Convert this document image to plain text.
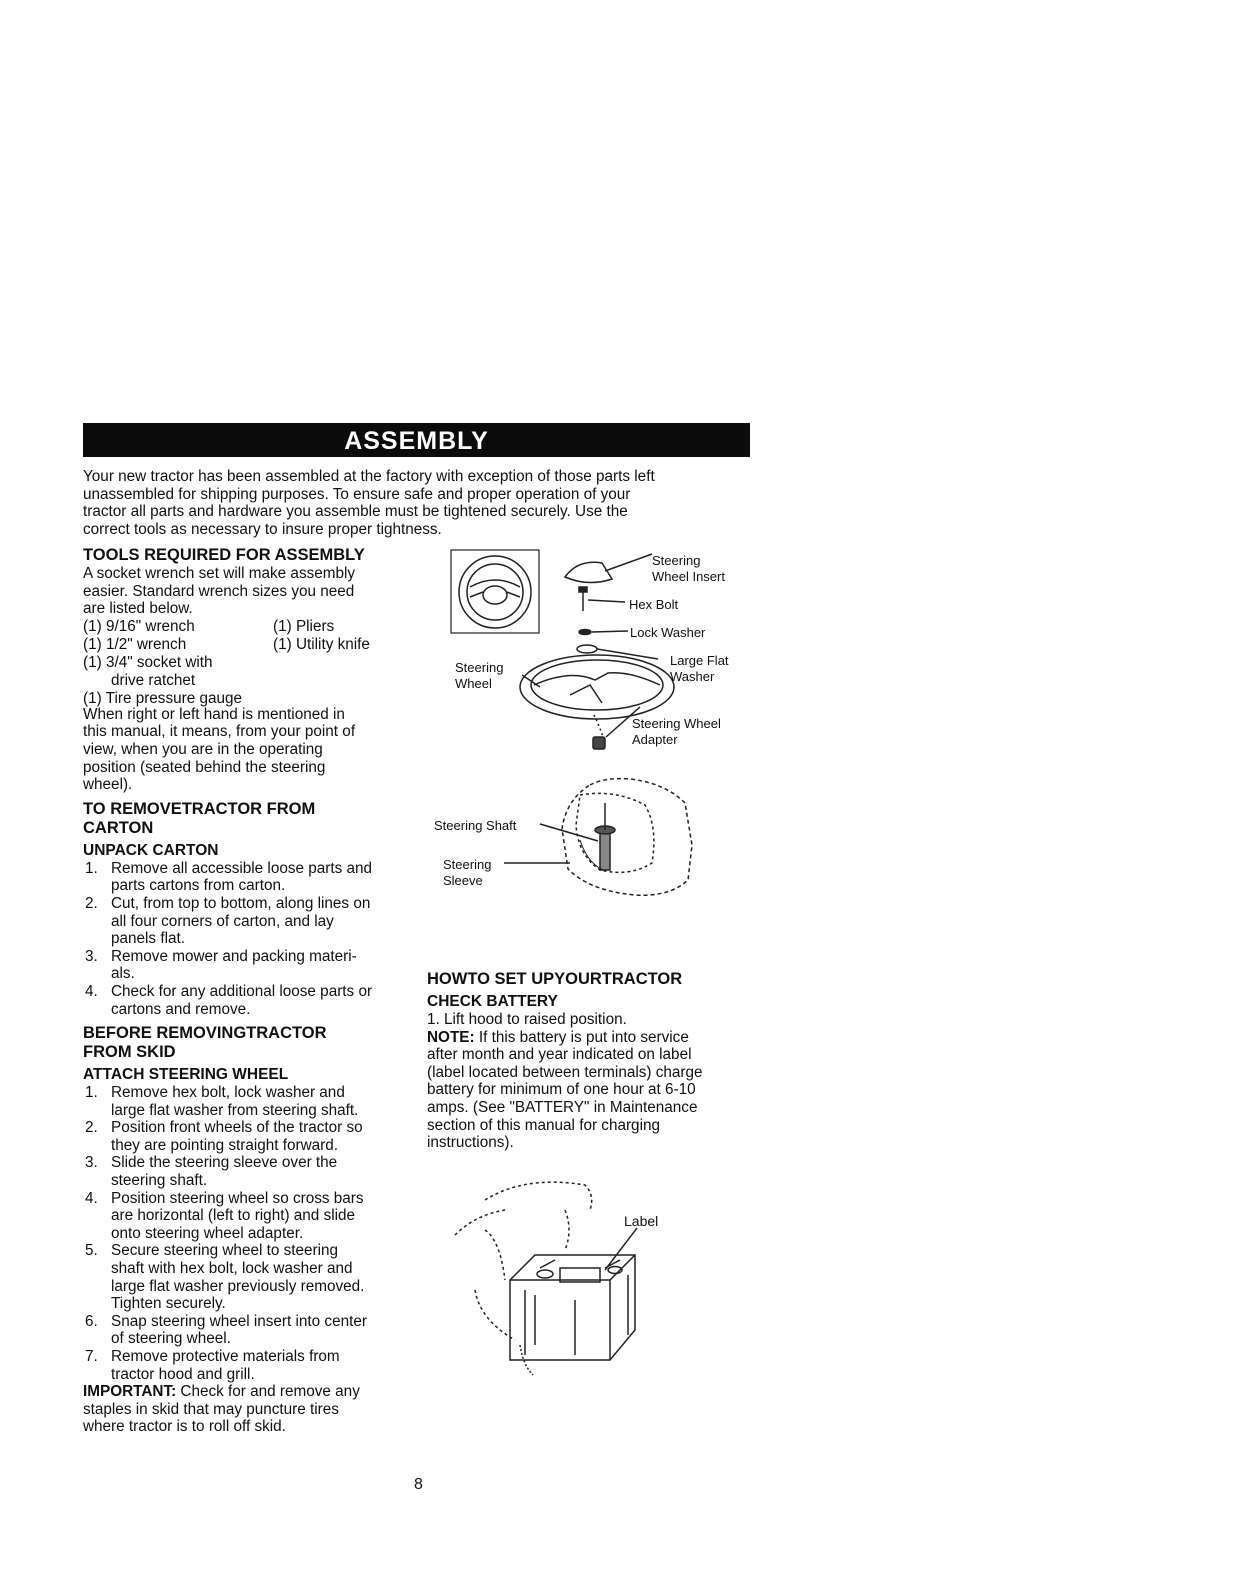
ASSEMBLY
Your new tractor has been assembled at the factory with exception of those parts left
unassembled for shipping purposes. To ensure safe and proper operation of your
tractor all parts and hardware you assemble must be tightened securely. Use the
correct tools as necessary to insure proper tightness.
TOOLS REQUIRED FOR ASSEMBLY
A socket wrench set will make assembly
easier. Standard wrench sizes you need
are listed below.
(1) 9/16" wrench	(1) Pliers
(1) 1/2" wrench	(1) Utility knife
(1) 3/4" socket with
drive ratchet
(1) Tire pressure gauge
When right or left hand is mentioned in
this manual, it means, from your point of
view, when you are in the operating
position (seated behind the steering
wheel).
TO REMOVETRACTOR FROM
CARTON
UNPACK CARTON
1. Remove all accessible loose parts and
parts cartons from carton.
2. Cut, from top to bottom, along lines on
all four corners of carton, and lay
panels flat.
3. Remove mower and packing materi-
als.
4. Check for any additional loose parts or
cartons and remove.
BEFORE REMOVINGTRACTOR
FROM SKID
ATTACH STEERING WHEEL
1. Remove hex bolt, lock washer and
large flat washer from steering shaft.
2. Position front wheels of the tractor so
they are pointing straight forward.
3. Slide the steering sleeve over the
steering shaft.
4. Position steering wheel so cross bars
are horizontal (left to right) and slide
onto steering wheel adapter.
5. Secure steering wheel to steering
shaft with hex bolt, lock washer and
large flat washer previously removed.
Tighten securely.
6. Snap steering wheel insert into center
of steering wheel.
7. Remove protective materials from
tractor hood and grill.
IMPORTANT: Check for and remove any
staples in skid that may puncture tires
where tractor is to roll off skid.
Steering
Wheel Insert
Hex Bolt
Lock Washer
Large Flat
Washer
Steering
Wheel
Steering Wheel
Adapter
Steering Shaft
Steering
Sleeve
HOWTO SET UPYOURTRACTOR
CHECK BATTERY
1. Lift hood to raised position.
NOTE: If this battery is put into service
after month and year indicated on label
(label located between terminals) charge
battery for minimum of one hour at 6-10
amps. (See "BATTERY" in Maintenance
section of this manual for charging
instructions).
Label
8
